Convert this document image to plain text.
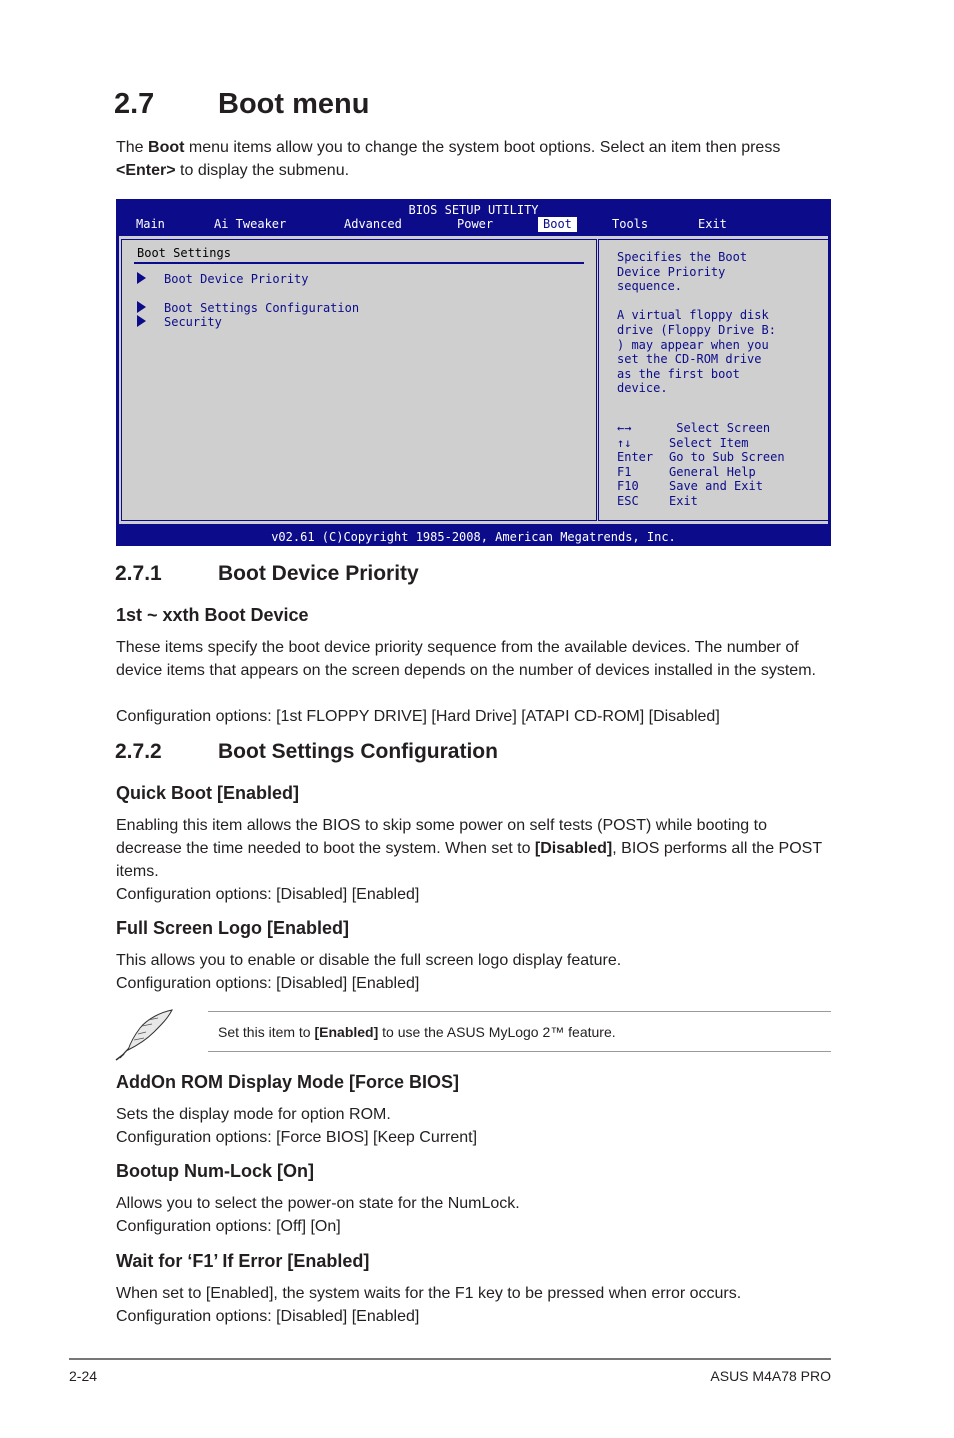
2.7 Boot menu

The Boot menu items allow you to change the system boot options. Select an item then press <Enter> to display the submenu.

BIOS SETUP UTILITY
Main	Ai Tweaker	Advanced	Power	Boot	Tools	Exit
Boot Settings
Boot Device Priority
Boot Settings Configuration
Security
Specifies the Boot
Device Priority
sequence.

A virtual floppy disk
drive (Floppy Drive B:
) may appear when you
set the CD-ROM drive
as the first boot
device.
←→	Select Screen
↑↓	Select Item
Enter	Go to Sub Screen
F1	General Help
F10	Save and Exit
ESC	Exit
v02.61 (C)Copyright 1985-2008, American Megatrends, Inc.
2.7.1	Boot Device Priority
1st ~ xxth Boot Device

These items specify the boot device priority sequence from the available devices. The number of device items that appears on the screen depends on the number of devices installed in the system.

Configuration options: [1st FLOPPY DRIVE] [Hard Drive] [ATAPI CD-ROM] [Disabled]

2.7.2	Boot Settings Configuration
Quick Boot [Enabled]

Enabling this item allows the BIOS to skip some power on self tests (POST) while booting to decrease the time needed to boot the system. When set to [Disabled], BIOS performs all the POST items.

Configuration options: [Disabled] [Enabled]

Full Screen Logo [Enabled]

This allows you to enable or disable the full screen logo display feature.

Configuration options: [Disabled] [Enabled]

Set this item to [Enabled] to use the ASUS MyLogo 2™ feature.
AddOn ROM Display Mode [Force BIOS]

Sets the display mode for option ROM.

Configuration options: [Force BIOS] [Keep Current]

Bootup Num-Lock [On]

Allows you to select the power-on state for the NumLock.

Configuration options: [Off] [On]

Wait for ‘F1’ If Error [Enabled]

When set to [Enabled], the system waits for the F1 key to be pressed when error occurs.

Configuration options: [Disabled] [Enabled]

2-24	ASUS M4A78 PRO
